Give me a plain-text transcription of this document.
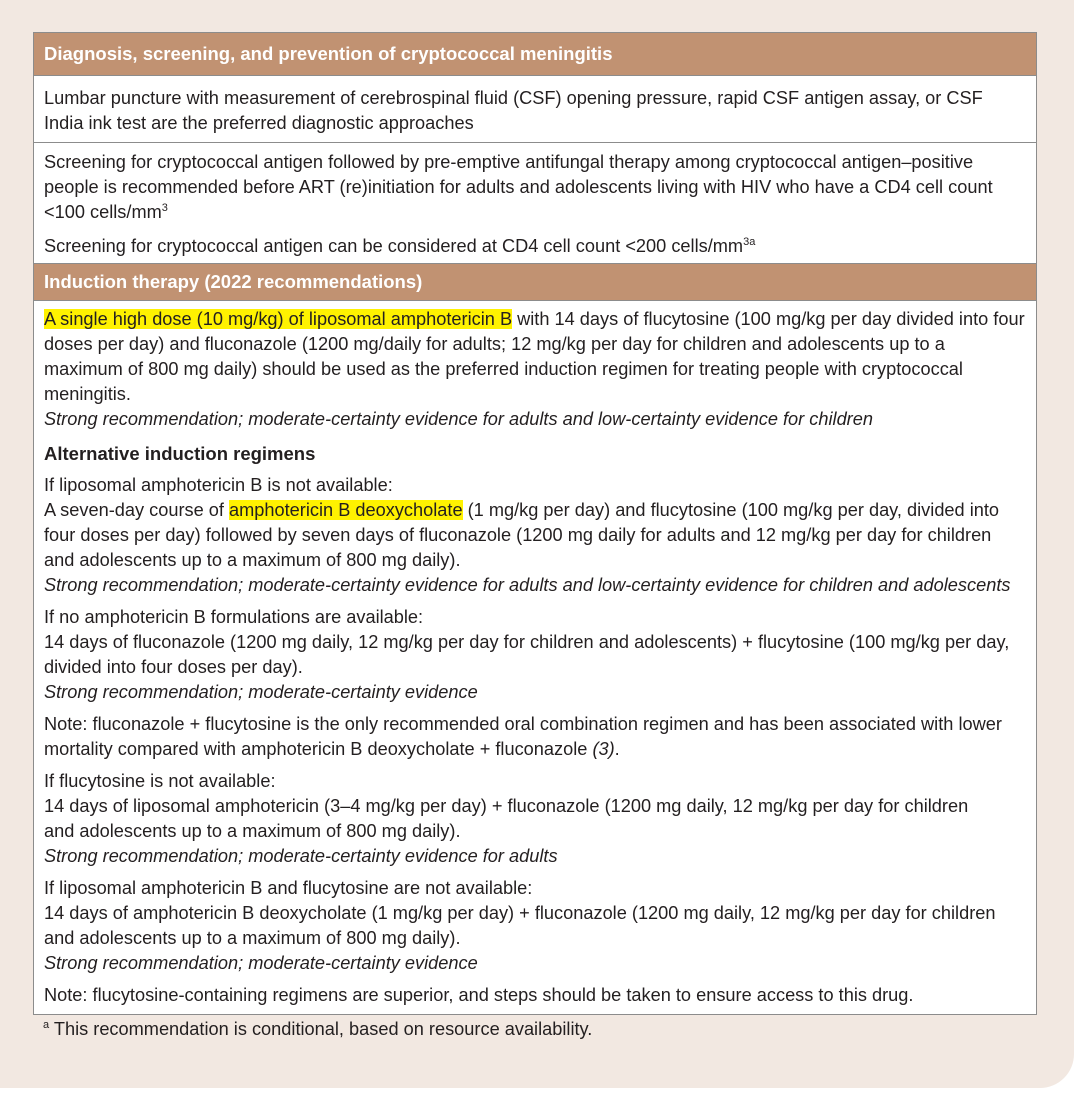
Diagnosis, screening, and prevention of cryptococcal meningitis

Lumbar puncture with measurement of cerebrospinal fluid (CSF) opening pressure, rapid CSF antigen assay, or CSF India ink test are the preferred diagnostic approaches

Screening for cryptococcal antigen followed by pre-emptive antifungal therapy among cryptococcal antigen–positive people is recommended before ART (re)initiation for adults and adolescents living with HIV who have a CD4 cell count <100 cells/$mm^3$

Screening for cryptococcal antigen can be considered at CD4 cell count <200 cells/$mm^{3a}$

Induction therapy (2022 recommendations)
A single high dose (10 mg/kg) of liposomal amphotericin B with 14 days of flucytosine (100 mg/kg per day divided into four doses per day) and fluconazole (1200 mg/daily for adults; 12 mg/kg per day for children and adolescents up to a maximum of 800 mg daily) should be used as the preferred induction regimen for treating people with cryptococcal meningitis.
Strong recommendation; moderate-certainty evidence for adults and low-certainty evidence for children
Alternative induction regimens
If liposomal amphotericin B is not available:
A seven-day course of amphotericin B deoxycholate (1 mg/kg per day) and flucytosine (100 mg/kg per day, divided into four doses per day) followed by seven days of fluconazole (1200 mg daily for adults and 12 mg/kg per day for children and adolescents up to a maximum of 800 mg daily).
Strong recommendation; moderate-certainty evidence for adults and low-certainty evidence for children and adolescents
If no amphotericin B formulations are available:
14 days of fluconazole (1200 mg daily, 12 mg/kg per day for children and adolescents) + flucytosine (100 mg/kg per day, divided into four doses per day).
Strong recommendation; moderate-certainty evidence
Note: fluconazole + flucytosine is the only recommended oral combination regimen and has been associated with lower mortality compared with amphotericin B deoxycholate + fluconazole (3).
If flucytosine is not available:
14 days of liposomal amphotericin (3–4 mg/kg per day) + fluconazole (1200 mg daily, 12 mg/kg per day for children and adolescents up to a maximum of 800 mg daily).
Strong recommendation; moderate-certainty evidence for adults
If liposomal amphotericin B and flucytosine are not available:
14 days of amphotericin B deoxycholate (1 mg/kg per day) + fluconazole (1200 mg daily, 12 mg/kg per day for children and adolescents up to a maximum of 800 mg daily).
Strong recommendation; moderate-certainty evidence
Note: flucytosine-containing regimens are superior, and steps should be taken to ensure access to this drug.
$^a$ This recommendation is conditional, based on resource availability.
